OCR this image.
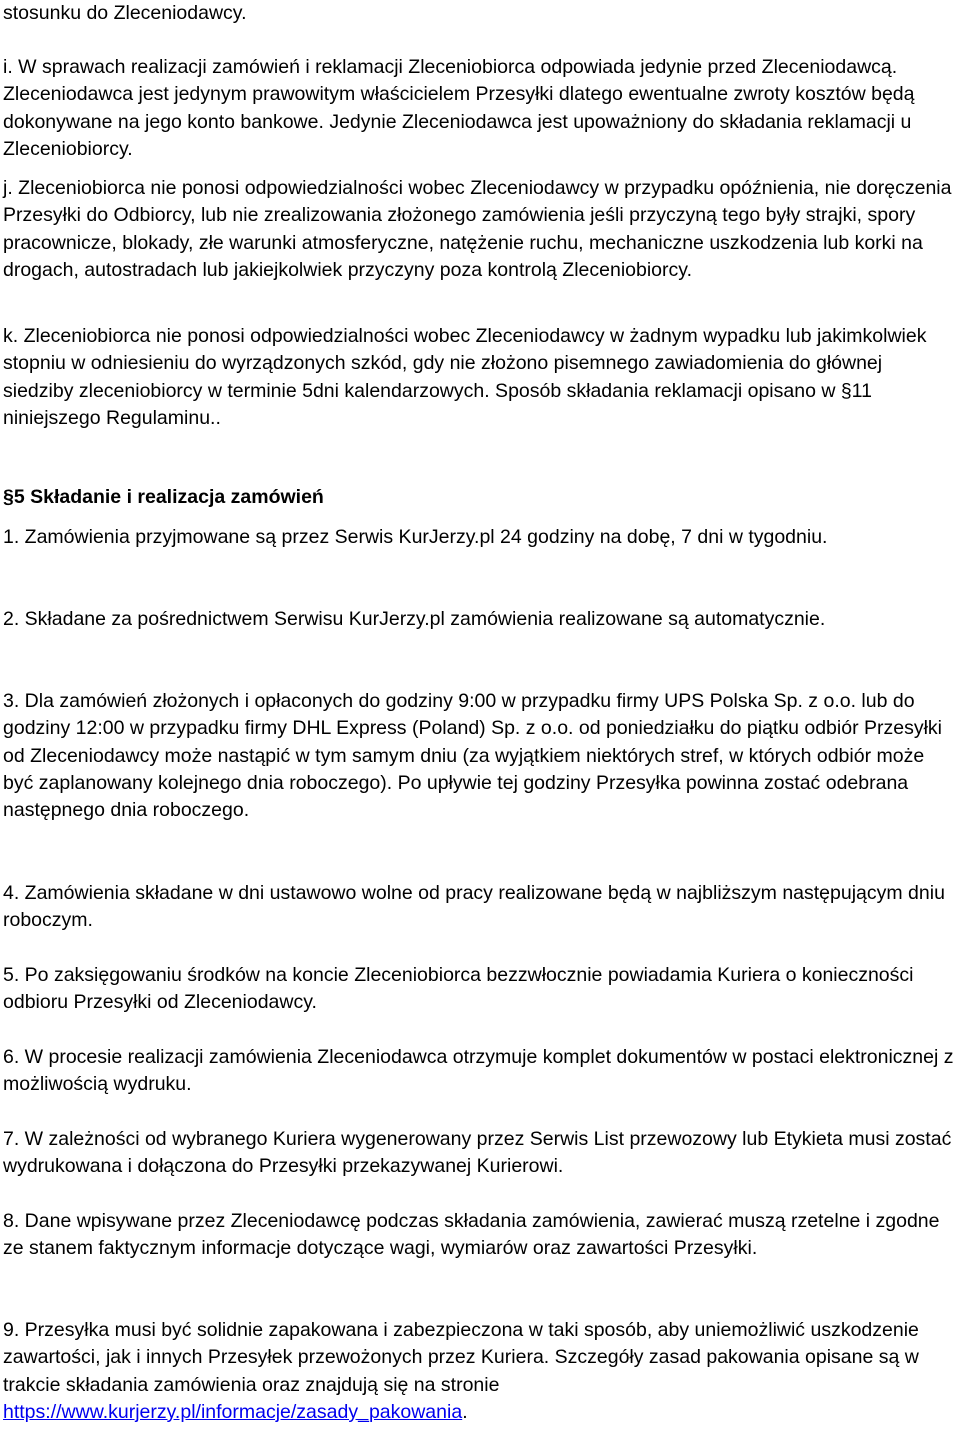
stosunku do Zleceniodawcy.

i. W sprawach realizacji zamówień i reklamacji Zleceniobiorca odpowiada jedynie przed Zleceniodawcą. Zleceniodawca jest jedynym prawowitym właścicielem Przesyłki dlatego ewentualne zwroty kosztów będą dokonywane na jego konto bankowe. Jedynie Zleceniodawca jest upoważniony do składania reklamacji u Zleceniobiorcy.

j. Zleceniobiorca nie ponosi odpowiedzialności wobec Zleceniodawcy w przypadku opóźnienia, nie doręczenia Przesyłki do Odbiorcy, lub nie zrealizowania złożonego zamówienia jeśli przyczyną tego były strajki, spory pracownicze, blokady, złe warunki atmosferyczne, natężenie ruchu, mechaniczne uszkodzenia lub korki na drogach, autostradach lub jakiejkolwiek przyczyny poza kontrolą Zleceniobiorcy.

k. Zleceniobiorca nie ponosi odpowiedzialności wobec Zleceniodawcy w żadnym wypadku lub jakimkolwiek stopniu w odniesieniu do wyrządzonych szkód, gdy nie złożono pisemnego zawiadomienia do głównej siedziby zleceniobiorcy w terminie 5dni kalendarzowych. Sposób składania reklamacji opisano w §11 niniejszego Regulaminu..

§5 Składanie i realizacja zamówień

1. Zamówienia przyjmowane są przez Serwis KurJerzy.pl 24 godziny na dobę, 7 dni w tygodniu.

2. Składane za pośrednictwem Serwisu KurJerzy.pl zamówienia realizowane są automatycznie.

3. Dla zamówień złożonych i opłaconych do godziny 9:00 w przypadku firmy UPS Polska Sp. z o.o. lub do godziny 12:00 w przypadku firmy DHL Express (Poland) Sp. z o.o. od poniedziałku do piątku odbiór Przesyłki od Zleceniodawcy może nastąpić w tym samym dniu (za wyjątkiem niektórych stref, w których odbiór może być zaplanowany kolejnego dnia roboczego). Po upływie tej godziny Przesyłka powinna zostać odebrana następnego dnia roboczego.

4. Zamówienia składane w dni ustawowo wolne od pracy realizowane będą w najbliższym następującym dniu roboczym.

5. Po zaksięgowaniu środków na koncie Zleceniobiorca bezzwłocznie powiadamia Kuriera o konieczności odbioru Przesyłki od Zleceniodawcy.

6. W procesie realizacji zamówienia Zleceniodawca otrzymuje komplet dokumentów w postaci elektronicznej z możliwością wydruku.

7. W zależności od wybranego Kuriera wygenerowany przez Serwis List przewozowy lub Etykieta musi zostać wydrukowana i dołączona do Przesyłki przekazywanej Kurierowi.

8. Dane wpisywane przez Zleceniodawcę podczas składania zamówienia, zawierać muszą rzetelne i zgodne ze stanem faktycznym informacje dotyczące wagi, wymiarów oraz zawartości Przesyłki.

9. Przesyłka musi być solidnie zapakowana i zabezpieczona w taki sposób, aby uniemożliwić uszkodzenie zawartości, jak i innych Przesyłek przewożonych przez Kuriera. Szczegóły zasad pakowania opisane są w trakcie składania zamówienia oraz znajdują się na stronie https://www.kurjerzy.pl/informacje/zasady_pakowania.
